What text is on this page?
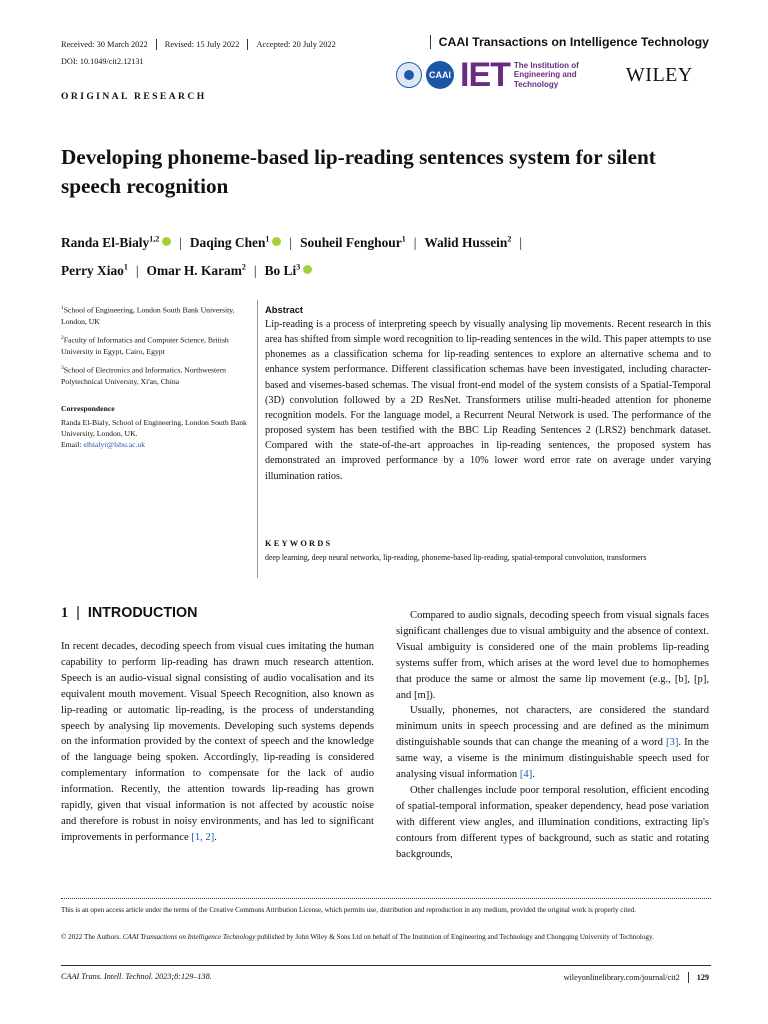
Received: 30 March 2022 Revised: 15 July 2022 Accepted: 20 July 2022	CAAI Transactions on Intelligence Technology
DOI: 10.1049/cit2.12131
CAAI IET The Institution of Engineering and Technology	WILEY
ORIGINAL RESEARCH
Developing phoneme-based lip-reading sentences system for silent speech recognition
Randa El-Bialy$^{1,2}$ | Daqing Chen$^1$ | Souheil Fenghour$^1$ | Walid Hussein$^2$ |
Perry Xiao$^1$ | Omar H. Karam$^2$ | Bo Li$^3$
$^1$School of Engineering, London South Bank University, London, UK
$^2$Faculty of Informatics and Computer Science, British University in Egypt, Cairo, Egypt
$^3$School of Electronics and Informatics, Northwestern Polytechnical University, Xi'an, China
Correspondence
Randa El-Bialy, School of Engineering, London South Bank University, London, UK.
Email: elbialyr@lsbu.ac.uk
Abstract
Lip-reading is a process of interpreting speech by visually analysing lip movements. Recent research in this area has shifted from simple word recognition to lip-reading sentences in the wild. This paper attempts to use phonemes as a classification schema for lip-reading sentences to explore an alternative schema and to enhance system performance. Different classification schemas have been investigated, including character-based and visemes-based schemas. The visual front-end model of the system consists of a Spatial-Temporal (3D) convolution followed by a 2D ResNet. Transformers utilise multi-headed attention for phoneme recognition models. For the language model, a Recurrent Neural Network is used. The performance of the proposed system has been testified with the BBC Lip Reading Sentences 2 (LRS2) benchmark dataset. Compared with the state-of-the-art approaches in lip-reading sentences, the proposed system has demonstrated an improved performance by a 10% lower word error rate on average under varying illumination ratios.
KEYWORDS
deep learning, deep neural networks, lip-reading, phoneme-based lip-reading, spatial-temporal convolution, transformers
1 | INTRODUCTION

In recent decades, decoding speech from visual cues imitating the human capability to perform lip-reading has drawn much research attention. Speech is an audio-visual signal consisting of audio vocalisation and its equivalent mouth movement. Visual Speech Recognition, also known as lip-reading or automatic lip-reading, is the process of understanding speech by analysing lip movements. Developing such systems depends on the information provided by the context of speech and the knowledge of the language being spoken. Accordingly, lip-reading is considered complementary information to compensate for the lack of audio information. Recently, the attention towards lip-reading has grown rapidly, given that visual information is not affected by acoustic noise and therefore is robust in noisy environments, and has led to significant improvements in performance [1, 2].

Compared to audio signals, decoding speech from visual signals faces significant challenges due to visual ambiguity and the absence of context. Visual ambiguity is considered one of the main problems lip-reading systems suffer from, which arises at the word level due to homophemes that produce the same or almost the same lip movement (e.g., [b], [p], and [m]).

Usually, phonemes, not characters, are considered the standard minimum units in speech processing and are defined as the minimum distinguishable sounds that can change the meaning of a word [3]. In the same way, a viseme is the minimum distinguishable speech used for analysing visual information [4].

Other challenges include poor temporal resolution, efficient encoding of spatial-temporal information, speaker dependency, head pose variation with different view angles, and illumination conditions, extracting lip's contours from different types of background, such as static and rotating backgrounds,

This is an open access article under the terms of the Creative Commons Attribution License, which permits use, distribution and reproduction in any medium, provided the original work is properly cited.
© 2022 The Authors. CAAI Transactions on Intelligence Technology published by John Wiley & Sons Ltd on behalf of The Institution of Engineering and Technology and Chongqing University of Technology.
CAAI Trans. Intell. Technol. 2023;8:129–138.	wileyonlinelibrary.com/journal/cit2 129
